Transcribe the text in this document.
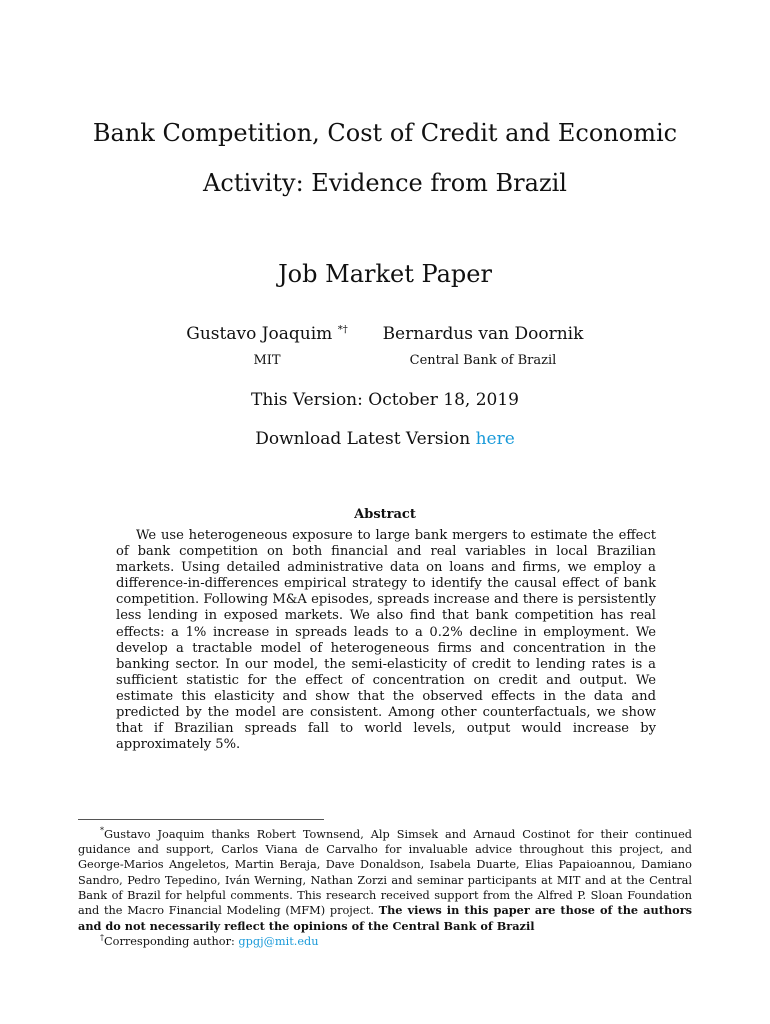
Bank Competition, Cost of Credit and Economic
Activity: Evidence from Brazil
Job Market Paper
Gustavo Joaquim *†	Bernardus van Doornik
MIT	Central Bank of Brazil
This Version: October 18, 2019
Download Latest Version here
Abstract

We use heterogeneous exposure to large bank mergers to estimate the effect of bank competition on both financial and real variables in local Brazilian markets. Using detailed administrative data on loans and firms, we employ a difference-in-differences empirical strategy to identify the causal effect of bank competition. Following M&A episodes, spreads increase and there is persistently less lending in exposed markets. We also find that bank competition has real effects: a 1% increase in spreads leads to a 0.2% decline in employment. We develop a tractable model of heterogeneous firms and concentration in the banking sector. In our model, the semi-elasticity of credit to lending rates is a sufficient statistic for the effect of concentration on credit and output. We estimate this elasticity and show that the observed effects in the data and predicted by the model are consistent. Among other counterfactuals, we show that if Brazilian spreads fall to world levels, output would increase by approximately 5%.

*Gustavo Joaquim thanks Robert Townsend, Alp Simsek and Arnaud Costinot for their continued guidance and support, Carlos Viana de Carvalho for invaluable advice throughout this project, and George-Marios Angeletos, Martin Beraja, Dave Donaldson, Isabela Duarte, Elias Papaioannou, Damiano Sandro, Pedro Tepedino, Iván Werning, Nathan Zorzi and seminar participants at MIT and at the Central Bank of Brazil for helpful comments. This research received support from the Alfred P. Sloan Foundation and the Macro Financial Modeling (MFM) project. The views in this paper are those of the authors and do not necessarily reflect the opinions of the Central Bank of Brazil

†Corresponding author: gpgj@mit.edu
